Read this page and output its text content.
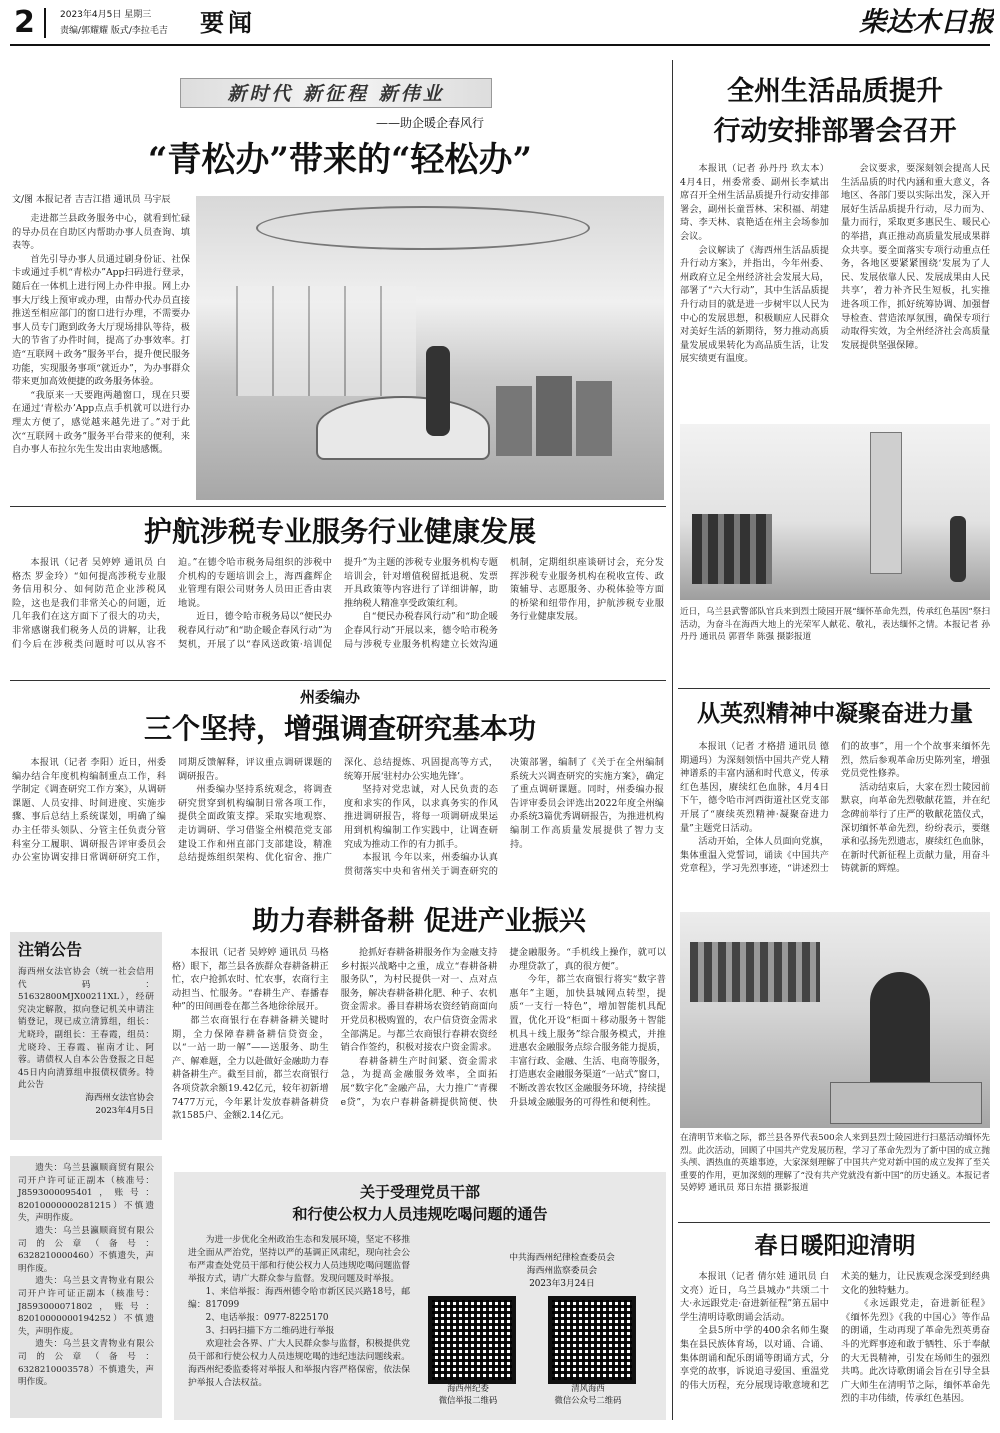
2	2023年4月5日 星期三
责编/郭耀耀 版式/李拉毛吉	要闻	柴达木日报
新时代 新征程 新伟业
——助企暖企春风行
“青松办”带来的“轻松办”
文/图 本报记者 吉吉江措 通讯员 马宇辰

走进都兰县政务服务中心，就看到忙碌的导办员在自助区内帮助办事人员查询、填表等。

首先引导办事人员通过刷身份证、社保卡或通过手机“青松办”App扫码进行登录，随后在一体机上进行网上办件申报。网上办事大厅线上预审或办理，由帮办代办员直接推送至相应部门的窗口进行办理，不需要办事人员专门跑到政务大厅现场排队等待，极大的节省了办件时间，提高了办事效率。打造“互联网＋政务”服务平台，提升便民服务功能，实现服务事项“就近办”，为办事群众带来更加高效便捷的政务服务体验。

“我原来一天要跑两趟窗口，现在只要在通过‘青松办’App点点手机就可以进行办理太方便了，感觉越来越先进了。”对于此次“互联网＋政务”服务平台带来的便利，来自办事人布拉尔先生发出由衷地感慨。

护航涉税专业服务行业健康发展

本报讯（记者 吴婷婷 通讯员 白格杰 罗金玲）“如何提高涉税专业服务信用积分、如何防范企业涉税风险，这也是我们非常关心的问题，近几年我们在这方面下了很大的功夫，非常感谢我们税务人员的讲解，让我们今后在涉税类问题时可以从容不迫。”在德令哈市税务局组织的涉税中介机构的专题培训会上，海西鑫辉企业管理有限公司财务人员田正香由衷地说。

近日，德令哈市税务局以“便民办税春风行动”和“助企暖企春风行动”为契机，开展了以“春风送政策·培训促提升”为主题的涉税专业服务机构专题培训会，针对增值税留抵退税、发票开具政策等内容进行了详细讲解，助推纳税人精准享受政策红利。

自“便民办税春风行动”和“助企暖企春风行动”开展以来，德令哈市税务局与涉税专业服务机构建立长效沟通机制，定期组织座谈研讨会，充分发挥涉税专业服务机构在税收宣传、政策辅导、志愿服务、办税体验等方面的桥梁和纽带作用，护航涉税专业服务行业健康发展。

州委编办
三个坚持，增强调查研究基本功

本报讯（记者 李阳）近日，州委编办结合年度机构编制重点工作，科学制定《调查研究工作方案》，从调研课题、人员安排、时间进度、实施步骤、事后总结上系统谋划，明确了编办主任带头领队、分管主任负责分管科室分工履职、调研报告评审委员会办公室协调安排日常调研研究工作，同期反馈解释，评议重点调研课题的调研报告。

州委编办坚持系统观念，将调查研究贯穿到机构编制日常各项工作，提供全面政策支撑。采取实地观察、走访调研、学习借鉴全州模范党支部建设工作和州直部门支部建设，精准总结提炼组织架构、优化宿舍、推广深化、总结提炼、巩固提高等方式，统筹开展‘驻村办公实地先锋’。

坚持对党忠诚，对人民负责的态度和求实的作风，以求真务实的作风推进调研报告，将每一项调研成果运用到机构编制工作实践中，让调查研究成为推动工作的有力抓手。

本报讯 今年以来，州委编办认真贯彻落实中央和省州关于调查研究的决策部署，编制了《关于在全州编制系统大兴调查研究的实施方案》，确定了重点调研课题。同时，州委编办报告评审委员会评选出2022年度全州编办系统3篇优秀调研报告，为推进机构编制工作高质量发展提供了智力支持。

注销公告
海西州女法官协会（统一社会信用代码：51632800MJX00211XL），经研究决定解散，拟向登记机关申请注销登记，现已成立清算组，组长：尤晓玲，副组长：王春霞，组员：尤晓玲、王春霞、崔南才让、阿蓉。请债权人自本公告登报之日起45日内向清算组申报债权债务。特此公告
海西州女法官协会
2023年4月5日
遗失：乌兰县瀛顺商贸有限公司开户许可证正副本（核准号：J8593000095401，账号：82010000000281215）不慎遗失，声明作废。
遗失：乌兰县瀛顺商贸有限公司的公章（备号：6328210000460）不慎遗失，声明作废。
遗失：乌兰县文青物业有限公司开户许可证正副本（核准号：J8593000071802，账号：82010000000194252）不慎遗失，声明作废。
遗失：乌兰县文青物业有限公司的公章（备号：6328210003578）不慎遗失，声明作废。
助力春耕备耕 促进产业振兴

本报讯（记者 吴婷婷 通讯员 马格格）眼下，都兰县各族群众春耕备耕正忙，农户抢抓农时、忙农事，农商行主动担当、忙服务。“春耕生产、春播春种”的田间画卷在都兰各地徐徐展开。

都兰农商银行在春耕备耕关键时期，全力保障春耕备耕信贷资金，以“一站一助一解”——送服务、助生产、解难题，全力以赴做好金融助力春耕备耕生产。截至目前，都兰农商银行各项贷款余额19.42亿元，较年初新增7477万元，今年累计发放春耕备耕贷款1585户、金额2.14亿元。

抢抓好春耕备耕服务作为金融支持乡村振兴战略中之重，成立“春耕备耕服务队”，为村民提供一对一、点对点服务，解决春耕备耕化肥、种子、农机资金需求。番目春耕场农资经销商面向开党员积极购置的，农户信贷资金需求全部满足。与都兰农商银行春耕农资经销合作签约，积极对接农户资金需求。

春耕备耕生产时间紧、资金需求急，为提高金融服务效率，全面拓展“数字化”金融产品，大力推广“青稞e贷”，为农户春耕备耕提供简便、快捷金融服务。“手机线上操作，就可以办理贷款了，真的很方便”。

今年，都兰农商银行将实“数字普惠年”主题，加快县城网点转型，提质“一支行一特色”，增加智能机具配置，优化开设“柜面＋移动服务＋智能机具＋线上服务”综合服务模式，并推进惠农金融服务点综合服务能力提质，丰富行政、金融、生活、电商等服务，打造惠农金融服务渠道“一站式”窗口，不断改善农牧区金融服务环境，持续提升县域金融服务的可得性和便利性。

关于受理党员干部
和行使公权力人员违规吃喝问题的通告

为进一步优化全州政治生态和发展环境，坚定不移推进全面从严治党，坚持以严的基调正风肃纪，现向社会公布严肃查处党员干部和行使公权力人员违规吃喝问题监督举报方式，请广大群众参与监督。发现问题及时举报。

1、来信举报：海西州德令哈市新区民兴路18号，邮编：817099

2、电话举报：0977-8225170

3、扫码扫描下方二维码进行举报

欢迎社会各界、广大人民群众参与监督，积极提供党员干部和行使公权力人员违规吃喝的违纪违法问题线索。海西州纪委监委将对举报人和举报内容严格保密，依法保护举报人合法权益。

中共海西州纪律检查委员会
海西州监察委员会
2023年3月24日
海西州纪委
微信举报二维码
清风海西
微信公众号二维码
全州生活品质提升
行动安排部署会召开

本报讯（记者 孙丹丹 玖太本）4月4日，州委常委、副州长李斌出席召开全州生活品质提升行动安排部署会，副州长童晋林、宋积福、胡建琦、李天林、袁艳适在州主会场参加会议。

会议解读了《海西州生活品质提升行动方案》，并指出，今年州委、州政府立足全州经济社会发展大局，部署了“六大行动”，其中生活品质提升行动目的就是进一步树牢以人民为中心的发展思想，积极顺应人民群众对美好生活的新期待，努力推动高质量发展成果转化为高品质生活，让发展实绩更有温度。

会议要求，要深刻领会提高人民生活品质的时代内涵和重大意义，各地区、各部门要以实际出发，深入开展好生活品质提升行动，尽力而为、量力而行，采取更多惠民生、暖民心的举措，真正推动高质量发展成果群众共享。要全面落实专项行动重点任务，各地区要紧紧围绕‘发展为了人民、发展依靠人民、发展成果由人民共享’，着力补齐民生短板，扎实推进各项工作，抓好统筹协调、加强督导检查、营造浓厚氛围，确保专项行动取得实效，为全州经济社会高质量发展提供坚强保障。

近日，乌兰县武警部队官兵来到烈士陵园开展“缅怀革命先烈，传承红色基因”祭扫活动，为奋斗在海西大地上的光荣军人献花、敬礼，表达缅怀之情。本报记者 孙丹丹 通讯员 郭晋华 陈强 摄影报道
从英烈精神中凝聚奋进力量

本报讯（记者 才格措 通讯员 德期通玛）为深刻领悟中国共产党人精神谱系的丰富内涵和时代意义，传承红色基因，赓续红色血脉，4月4日下午，德令哈市河西街道社区党支部开展了“赓续英烈精神·凝聚奋进力量”主题党日活动。

活动开始，全体人员面向党旗，集体重温入党誓词，诵读《中国共产党章程》，学习先烈事迹，“讲述烈士们的故事”，用一个个故事来缅怀先烈，然后参观革命历史陈列室，增强党员党性修养。

活动结束后，大家在烈士陵园前默哀，向革命先烈敬献花篮，并在纪念碑前举行了庄严的敬献花篮仪式，深切缅怀革命先烈，纷纷表示，要继承和弘扬先烈遗志，赓续红色血脉，在新时代新征程上贡献力量，用奋斗铸就新的辉煌。

在清明节来临之际，都兰县各界代表500余人来到县烈士陵园进行扫墓活动缅怀先烈。此次活动，回顾了中国共产党发展历程，学习了革命先烈为了新中国的成立抛头颅、洒热血的英雄事迹，大家深刻理解了中国共产党对新中国的成立发挥了至关重要的作用，更加深刻的理解了“没有共产党就没有新中国”的历史涵义。本报记者 吴婷婷 通讯员 郑日东措 摄影报道
春日暖阳迎清明

本报讯（记者 倩尔娃 通讯员 白文亮）近日，乌兰县城办“共颂二十大·永远跟党走·奋进新征程”第五届中学生清明诗歌朗诵会活动。

全县5所中学的400余名师生聚集在县民族体育场，以对诵、合诵、集体朗诵和配乐朗诵等朗诵方式，分享党的故事，诉说追寻爱国、重温党的伟大历程，充分展现诗歌意境和艺术美的魅力，让民族观念深受到经典文化的独特魅力。

《永远跟党走，奋进新征程》《缅怀先烈》《我的中国心》等作品的朗诵，生动再现了革命先烈英勇奋斗的光辉事迹和敢于牺牲、乐于奉献的大无畏精神，引发在场师生的强烈共鸣。此次诗歌朗诵会旨在引导全县广大师生在清明节之际，缅怀革命先烈的丰功伟绩，传承红色基因。
